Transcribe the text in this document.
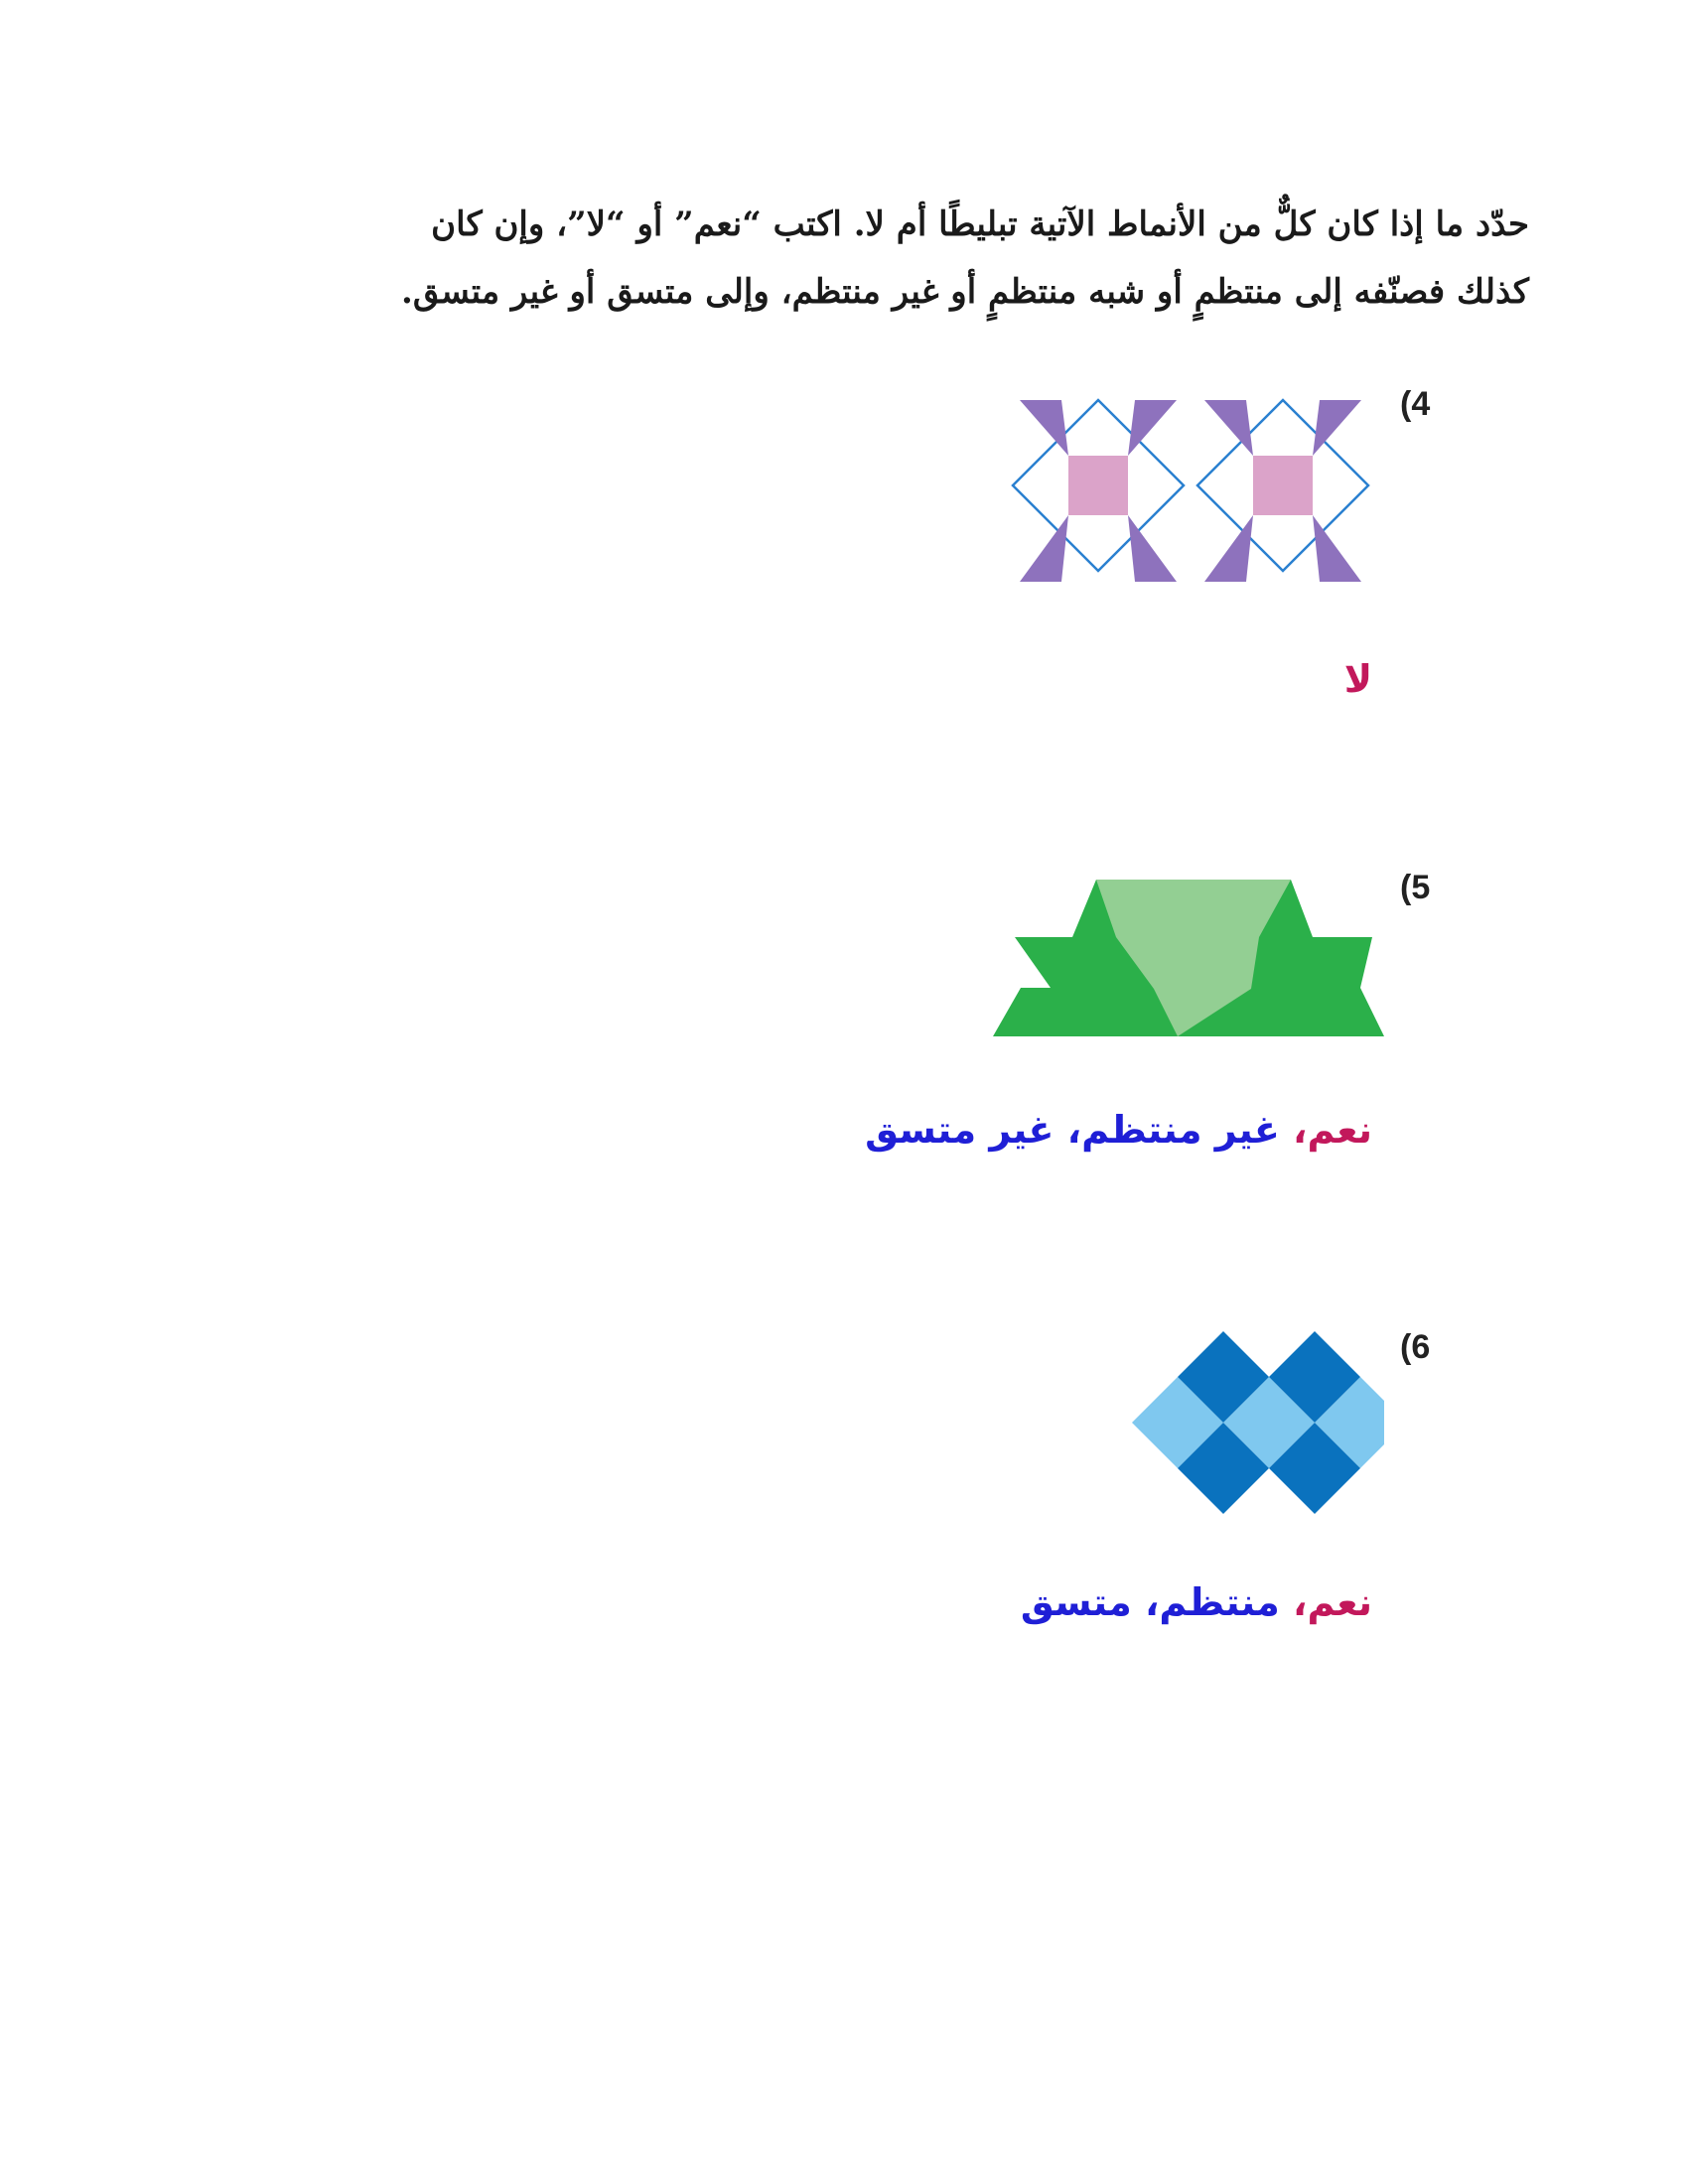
حدّد ما إذا كان كلٌّ من الأنماط الآتية تبليطًا أم لا. اكتب “نعم” أو “لا”، وإن كان

كذلك فصنّفه إلى منتظمٍ أو شبه منتظمٍ أو غير منتظم، وإلى متسق أو غير متسق.

(4
لا
(5
نعم، غير منتظم، غير متسق
(6
نعم، منتظم، متسق
